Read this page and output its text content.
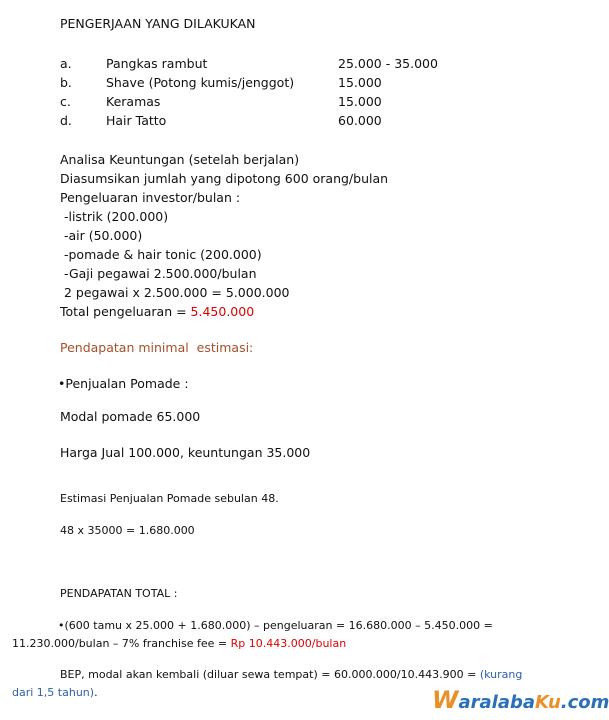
PENGERJAAN YANG DILAKUKAN
a.	Pangkas rambut	25.000 - 35.000
b.	Shave (Potong kumis/jenggot)	15.000
c.	Keramas	15.000
d.	Hair Tatto	60.000
Analisa Keuntungan (setelah berjalan)
Diasumsikan jumlah yang dipotong 600 orang/bulan
Pengeluaran investor/bulan :
-listrik (200.000)
-air (50.000)
-pomade & hair tonic (200.000)
-Gaji pegawai 2.500.000/bulan
2 pegawai x 2.500.000 = 5.000.000
Total pengeluaran = 5.450.000
Pendapatan minimal  estimasi:
•Penjualan Pomade :
Modal pomade 65.000
Harga Jual 100.000, keuntungan 35.000
Estimasi Penjualan Pomade sebulan 48.
48 x 35000 = 1.680.000
PENDAPATAN TOTAL :
•(600 tamu x 25.000 + 1.680.000) – pengeluaran = 16.680.000 – 5.450.000 =
11.230.000/bulan – 7% franchise fee = Rp 10.443.000/bulan
BEP, modal akan kembali (diluar sewa tempat) = 60.000.000/10.443.900 = (kurang
dari 1,5 tahun).	WaralabaKu.com
